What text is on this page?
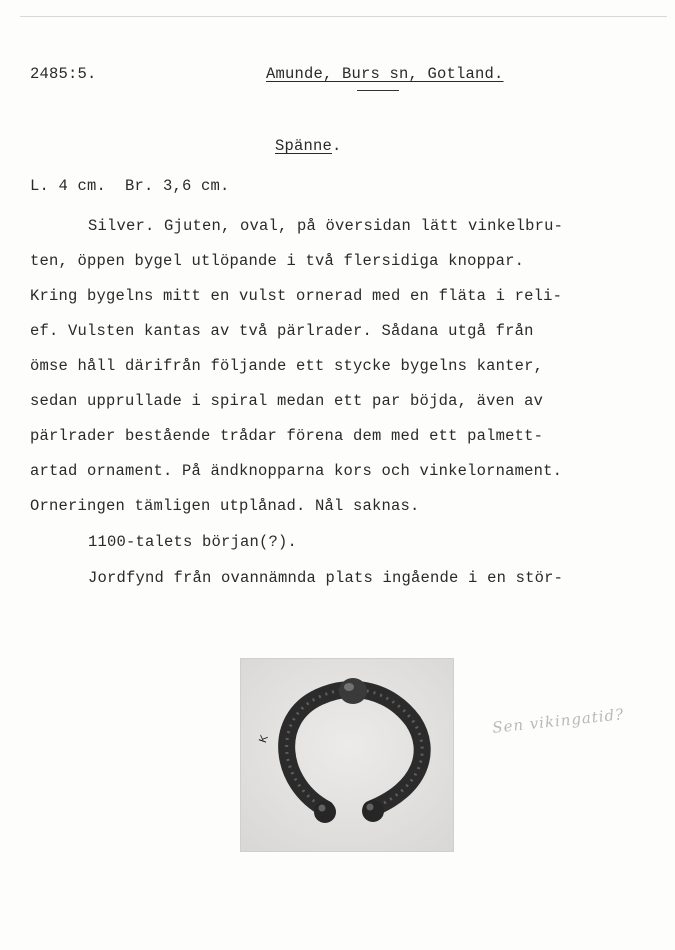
2485:5.	Amunde, Burs sn, Gotland.
Spänne.
L. 4 cm.  Br. 3,6 cm.
Silver. Gjuten, oval, på översidan lätt vinkelbru-
ten, öppen bygel utlöpande i två flersidiga knoppar.
Kring bygelns mitt en vulst ornerad med en fläta i reli-
ef. Vulsten kantas av två pärlrader. Sådana utgå från
ömse håll därifrån följande ett stycke bygelns kanter,
sedan upprullade i spiral medan ett par böjda, även av
pärlrader bestående trådar förena dem med ett palmett-
artad ornament. På ändknopparna kors och vinkelornament.
Orneringen tämligen utplånad. Nål saknas.
1100-talets början(?).
Jordfynd från ovannämnda plats ingående i en stör-
K
Sen vikingatid?
